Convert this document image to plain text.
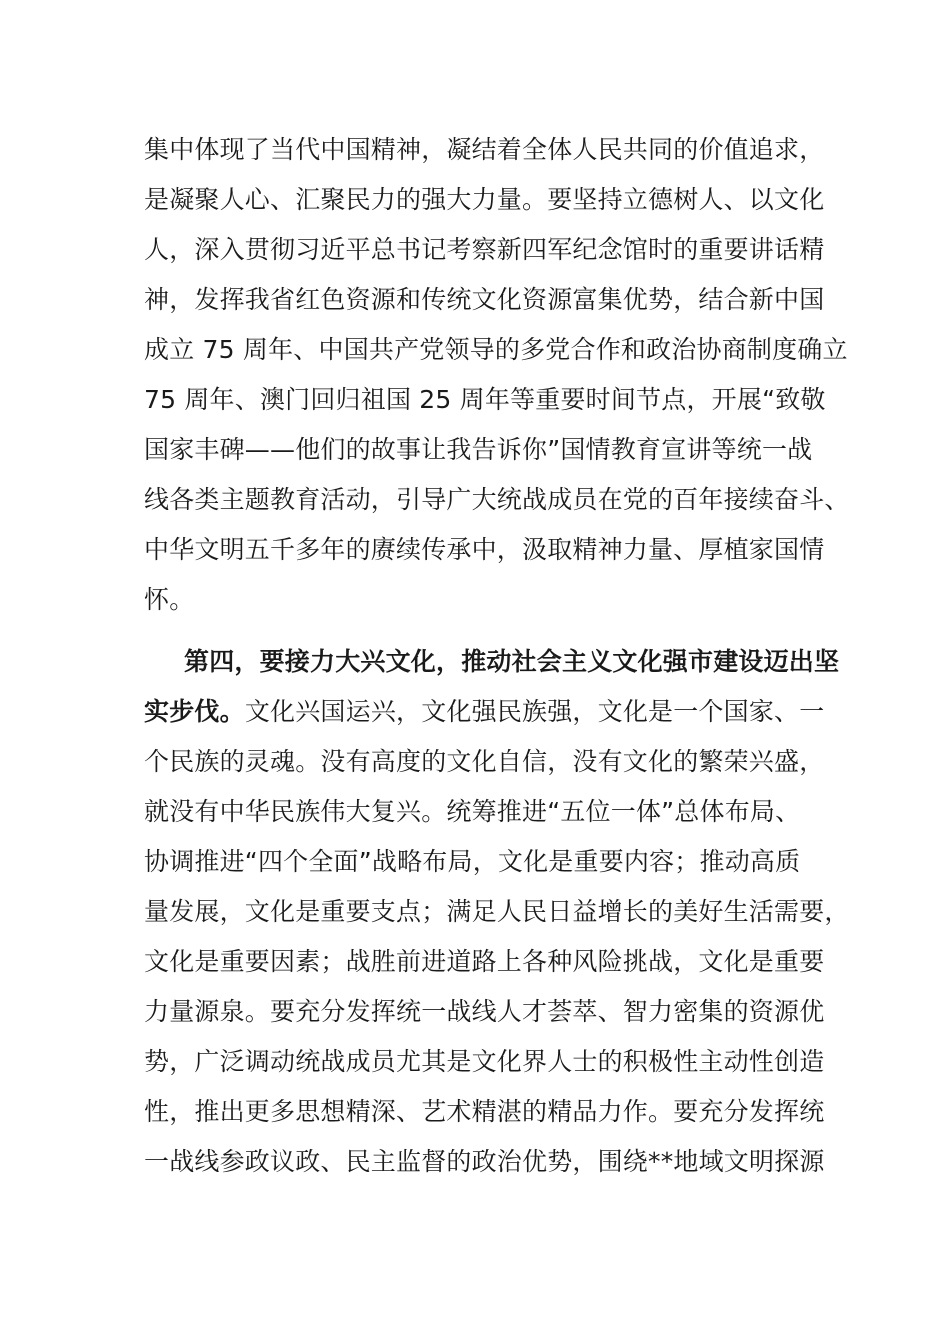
集中体现了当代中国精神，凝结着全体人民共同的价值追求，
是凝聚人心、汇聚民力的强大力量。要坚持立德树人、以文化
人，深入贯彻习近平总书记考察新四军纪念馆时的重要讲话精
神，发挥我省红色资源和传统文化资源富集优势，结合新中国
成立 75 周年、中国共产党领导的多党合作和政治协商制度确立
75 周年、澳门回归祖国 25 周年等重要时间节点，开展“致敬
国家丰碑——他们的故事让我告诉你”国情教育宣讲等统一战
线各类主题教育活动，引导广大统战成员在党的百年接续奋斗、
中华文明五千多年的赓续传承中，汲取精神力量、厚植家国情
怀。
第四，要接力大兴文化，推动社会主义文化强市建设迈出坚
实步伐。文化兴国运兴，文化强民族强，文化是一个国家、一
个民族的灵魂。没有高度的文化自信，没有文化的繁荣兴盛，
就没有中华民族伟大复兴。统筹推进“五位一体”总体布局、
协调推进“四个全面”战略布局，文化是重要内容；推动高质
量发展，文化是重要支点；满足人民日益增长的美好生活需要，
文化是重要因素；战胜前进道路上各种风险挑战，文化是重要
力量源泉。要充分发挥统一战线人才荟萃、智力密集的资源优
势，广泛调动统战成员尤其是文化界人士的积极性主动性创造
性，推出更多思想精深、艺术精湛的精品力作。要充分发挥统
一战线参政议政、民主监督的政治优势，围绕**地域文明探源
